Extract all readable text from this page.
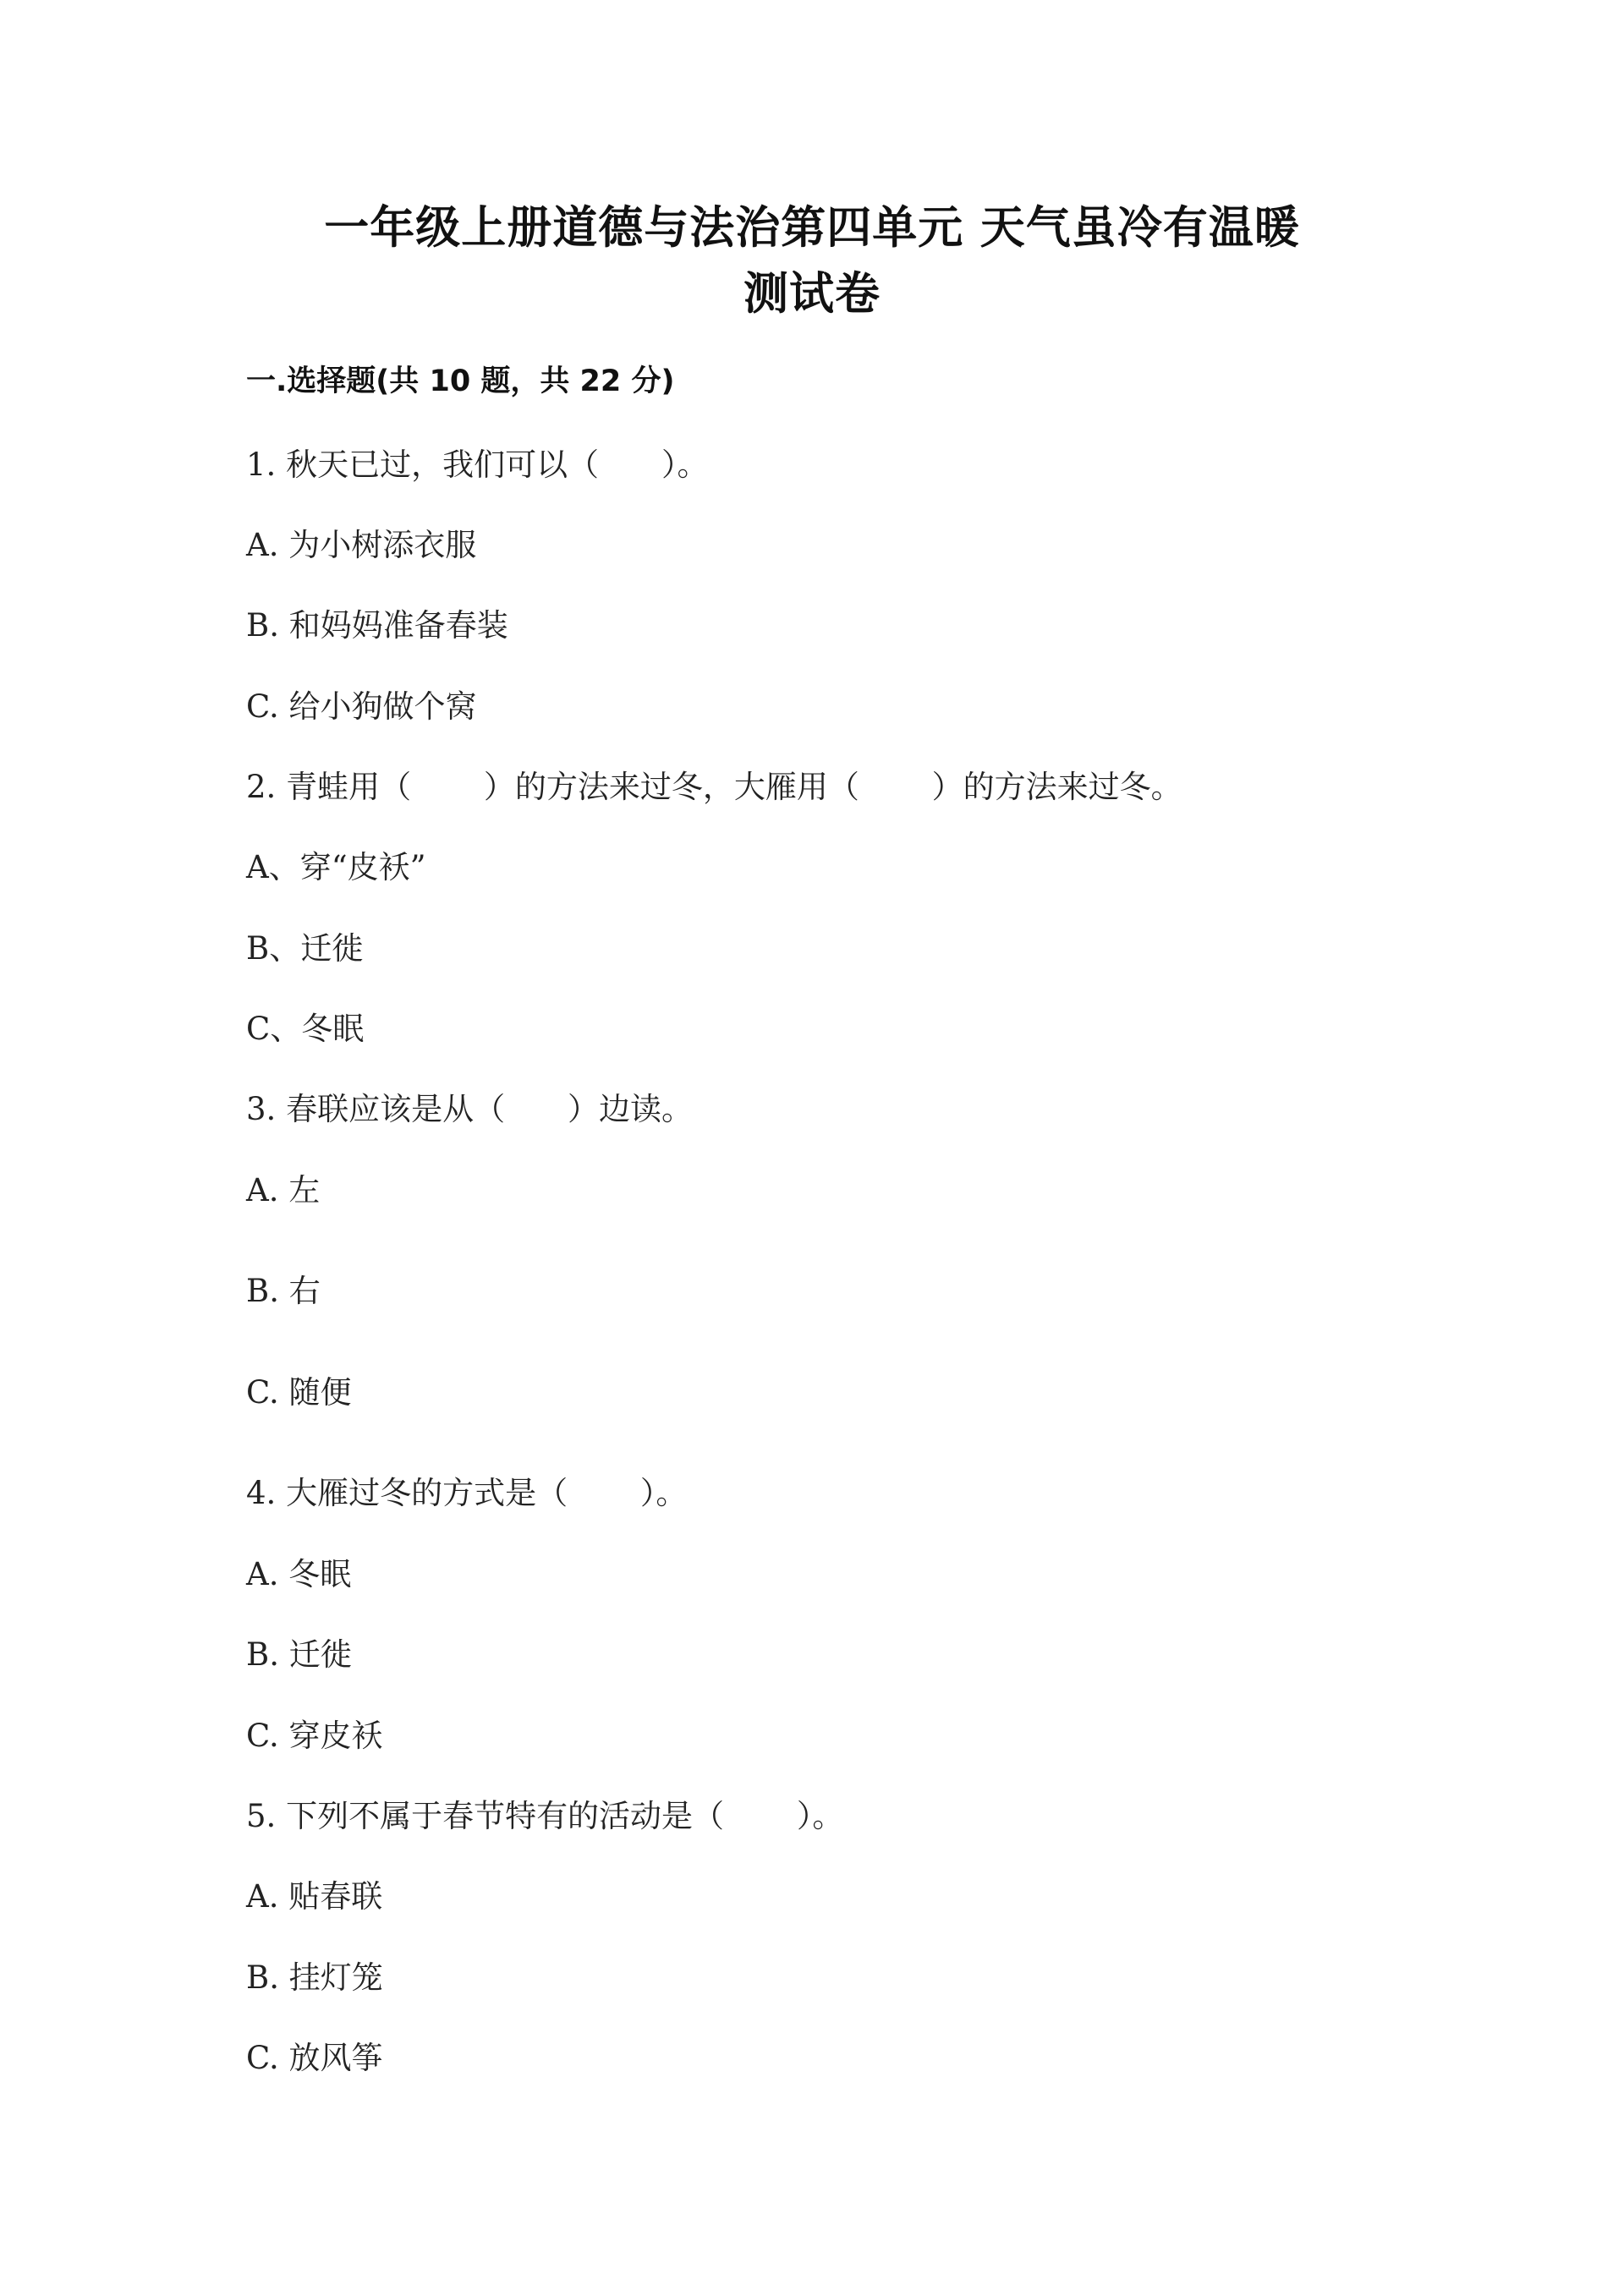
一年级上册道德与法治第四单元 天气虽冷有温暖
测试卷
一.选择题(共 10 题，共 22 分)
1. 秋天已过，我们可以（　　）。
A. 为小树添衣服
B. 和妈妈准备春装
C. 给小狗做个窝
2. 青蛙用（　　 ）的方法来过冬，大雁用（　　 ）的方法来过冬。
A、穿“皮袄”
B、迁徙
C、冬眠
3. 春联应该是从（　　）边读。
A. 左
B. 右
C. 随便
4. 大雁过冬的方式是（　　 ）。
A. 冬眠
B. 迁徙
C. 穿皮袄
5. 下列不属于春节特有的活动是（　　 ）。
A. 贴春联
B. 挂灯笼
C. 放风筝
